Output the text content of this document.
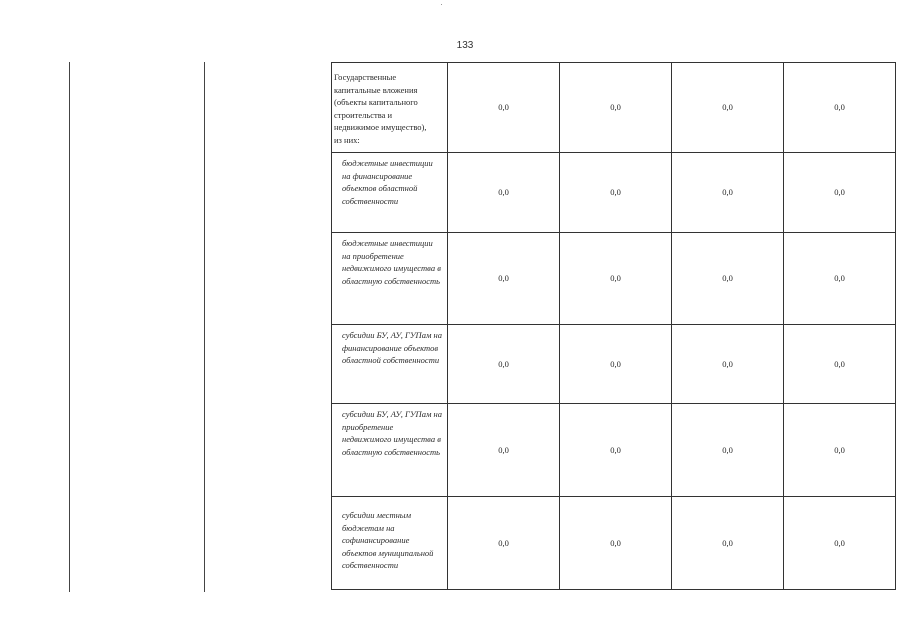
133
Государственные капитальные вложения (объекты капитального строительства и недвижимое имущество), из них:	0,0	0,0	0,0	0,0

бюджетные инвестиции на финансирование объектов областной собственности	0,0	0,0	0,0	0,0

бюджетные инвестиции на приобретение недвижимого имущества в областную собственность	0,0	0,0	0,0	0,0

субсидии БУ, АУ, ГУПам на финансирование объектов областной собственности	0,0	0,0	0,0	0,0

субсидии БУ, АУ, ГУПам на приобретение недвижимого имущества в областную собственность	0,0	0,0	0,0	0,0

субсидии местным бюджетам на софинансирование объектов муниципальной собственности	0,0	0,0	0,0	0,0
